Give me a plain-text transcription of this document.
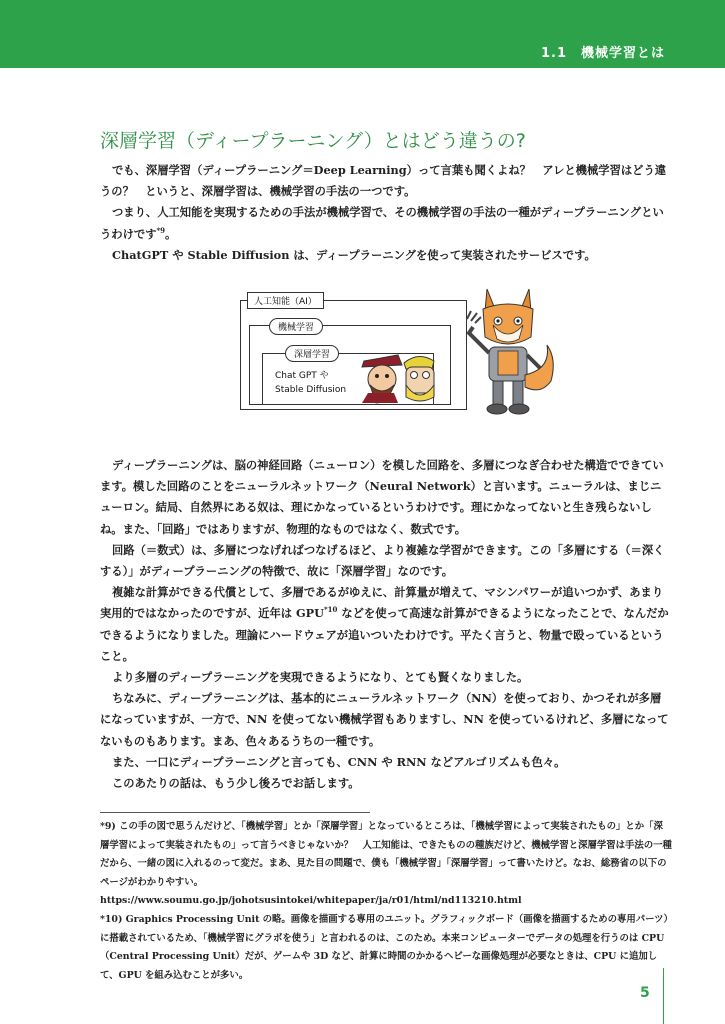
1.1　機械学習とは
深層学習（ディープラーニング）とはどう違うの?

でも、深層学習（ディープラーニング＝Deep Learning）って言葉も聞くよね？　アレと機械学習はどう違うの？　というと、深層学習は、機械学習の手法の一つです。

つまり、人工知能を実現するための手法が機械学習で、その機械学習の手法の一種がディープラーニングというわけです$^{*9}$。

ChatGPT や Stable Diffusion は、ディープラーニングを使って実装されたサービスです。

人工知能（AI）
機械学習
深層学習
Chat GPT や
Stable Diffusion

ディープラーニングは、脳の神経回路（ニューロン）を模した回路を、多層につなぎ合わせた構造でできています。模した回路のことをニューラルネットワーク（Neural Network）と言います。ニューラルは、まじニューロン。結局、自然界にある奴は、理にかなっているというわけです。理にかなってないと生き残らないしね。また、「回路」ではありますが、物理的なものではなく、数式です。

回路（＝数式）は、多層につなげればつなげるほど、より複雑な学習ができます。この「多層にする（＝深くする）」がディープラーニングの特徴で、故に「深層学習」なのです。

複雑な計算ができる代償として、多層であるがゆえに、計算量が増えて、マシンパワーが追いつかず、あまり実用的ではなかったのですが、近年は GPU$^{*10}$ などを使って高速な計算ができるようになったことで、なんだかできるようになりました。理論にハードウェアが追いついたわけです。平たく言うと、物量で殴っているということ。

より多層のディープラーニングを実現できるようになり、とても賢くなりました。

ちなみに、ディープラーニングは、基本的にニューラルネットワーク（NN）を使っており、かつそれが多層になっていますが、一方で、NN を使ってない機械学習もありますし、NN を使っているけれど、多層になってないものもあります。まあ、色々あるうちの一種です。

また、一口にディープラーニングと言っても、CNN や RNN などアルゴリズムも色々。

このあたりの話は、もう少し後ろでお話します。

*9) この手の図で思うんだけど、「機械学習」とか「深層学習」となっているところは、「機械学習によって実装されたもの」とか「深層学習によって実装されたもの」って言うべきじゃないか？　人工知能は、できたものの種族だけど、機械学習と深層学習は手法の一種だから、一緒の図に入れるのって変だ。まあ、見た目の問題で、僕も「機械学習」「深層学習」って書いたけど。なお、総務省の以下のページがわかりやすい。
https://www.soumu.go.jp/johotsusintokei/whitepaper/ja/r01/html/nd113210.html

*10) Graphics Processing Unit の略。画像を描画する専用のユニット。グラフィックボード（画像を描画するための専用パーツ）に搭載されているため、「機械学習にグラボを使う」と言われるのは、このため。本来コンピューターでデータの処理を行うのは CPU（Central Processing Unit）だが、ゲームや 3D など、計算に時間のかかるヘビーな画像処理が必要なときは、CPU に追加して、GPU を組み込むことが多い。

5
